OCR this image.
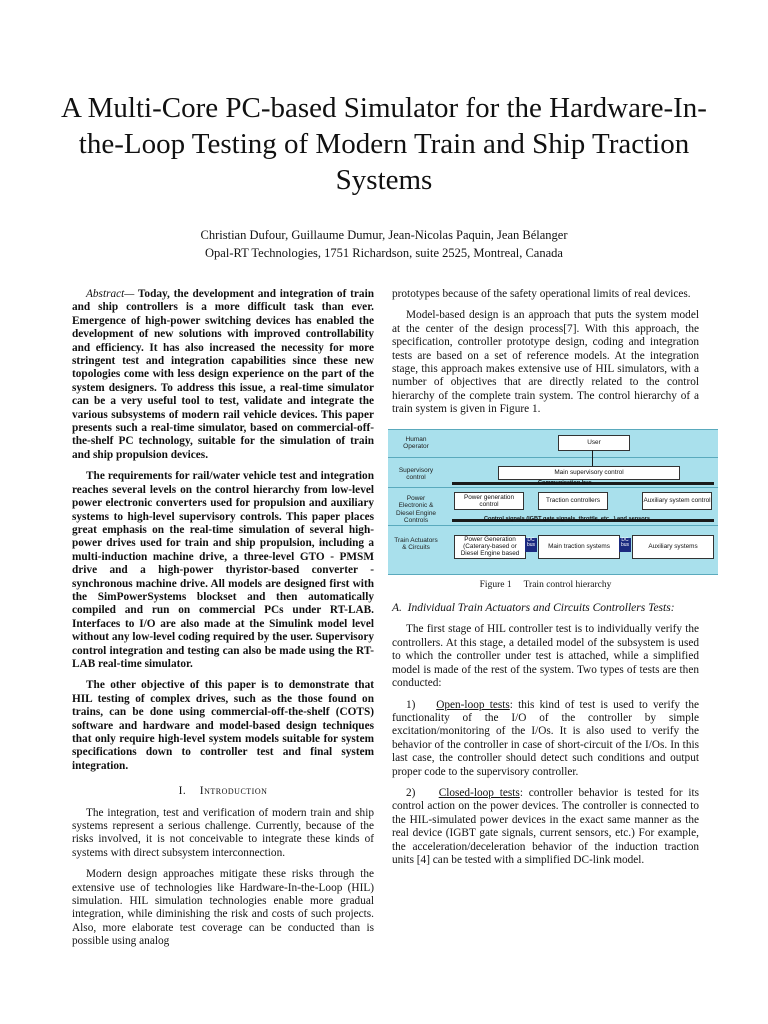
A Multi-Core PC-based Simulator for the Hardware-In-the-Loop Testing of Modern Train and Ship Traction Systems
Christian Dufour, Guillaume Dumur, Jean-Nicolas Paquin, Jean Bélanger
Opal-RT Technologies, 1751 Richardson, suite 2525, Montreal, Canada

Abstract— Today, the development and integration of train and ship controllers is a more difficult task than ever. Emergence of high-power switching devices has enabled the development of new solutions with improved controllability and efficiency. It has also increased the necessity for more stringent test and integration capabilities since these new topologies come with less design experience on the part of the system designers. To address this issue, a real-time simulator can be a very useful tool to test, validate and integrate the various subsystems of modern rail vehicle devices. This paper presents such a real-time simulator, based on commercial-off-the-shelf PC technology, suitable for the simulation of train and ship propulsion devices.

The requirements for rail/water vehicle test and integration reaches several levels on the control hierarchy from low-level power electronic converters used for propulsion and auxiliary systems to high-level supervisory controls. This paper places great emphasis on the real-time simulation of several high-power drives used for train and ship propulsion, including a multi-induction machine drive, a three-level GTO - PMSM drive and a high-power thyristor-based converter - synchronous machine drive. All models are designed first with the SimPowerSystems blockset and then automatically compiled and run on commercial PCs under RT-LAB. Interfaces to I/O are also made at the Simulink model level without any low-level coding required by the user. Supervisory control integration and testing can also be made using the RT-LAB real-time simulator.

The other objective of this paper is to demonstrate that HIL testing of complex drives, such as the those found on trains, can be done using commercial-off-the-shelf (COTS) software and hardware and model-based design techniques that only require high-level system models suitable for system specifications down to controller test and final system integration.

I. Introduction

The integration, test and verification of modern train and ship systems represent a serious challenge. Currently, because of the risks involved, it is not conceivable to integrate these kinds of systems with direct subsystem interconnection.

Modern design approaches mitigate these risks through the extensive use of technologies like Hardware-In-the-Loop (HIL) simulation. HIL simulation technologies enable more gradual integration, while diminishing the risk and costs of such projects. Also, more elaborate test coverage can be conducted than is possible using analog

prototypes because of the safety operational limits of real devices.

Model-based design is an approach that puts the system model at the center of the design process[7]. With this approach, the specification, controller prototype design, coding and integration tests are based on a set of reference models. At the integration stage, this approach makes extensive use of HIL simulators, with a number of objectives that are directly related to the control hierarchy of the complete train system. The control hierarchy of a train system is given in Figure 1.

Human Operator
Supervisory control
Power Electronic & Diesel Engine Controls
Train Actuators & Circuits
User
Main supervisory control
Communication bus
Power generation control	Traction controllers	Auxiliary system control
Control signals (IGBT gate signals, throttle, etc...) and sensors
Power Generation (Caterary-based or Diesel Engine based
DC bus	Main traction systems
DC bus	Auxiliary systems
Figure 1 Train control hierarchy
A. Individual Train Actuators and Circuits Controllers Tests:

The first stage of HIL controller test is to individually verify the controllers. At this stage, a detailed model of the subsystem is used to which the controller under test is attached, while a simplified model is made of the rest of the system. Two types of tests are then conducted:

1) Open-loop tests: this kind of test is used to verify the functionality of the I/O of the controller by simple excitation/monitoring of the I/Os. It is also used to verify the behavior of the controller in case of short-circuit of the I/Os. In this last case, the controller should detect such conditions and output proper code to the supervisory controller.

2) Closed-loop tests: controller behavior is tested for its control action on the power devices. The controller is connected to the HIL-simulated power devices in the exact same manner as the real device (IGBT gate signals, current sensors, etc.) For example, the acceleration/deceleration behavior of the induction traction units [4] can be tested with a simplified DC-link model.
